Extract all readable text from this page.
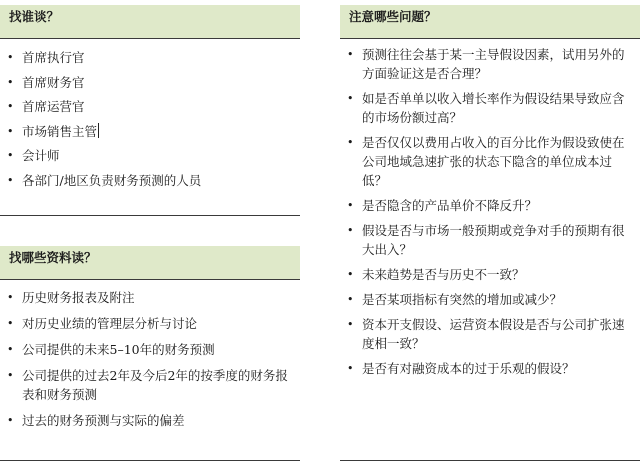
找谁谈？
• 首席执行官
• 首席财务官
• 首席运营官
• 市场销售主管
• 会计师
• 各部门/地区负责财务预测的人员
找哪些资料读？
• 历史财务报表及附注
• 对历史业绩的管理层分析与讨论
• 公司提供的未来5–10年的财务预测
• 公司提供的过去2年及今后2年的按季度的财务报表和财务预测
• 过去的财务预测与实际的偏差
注意哪些问题？
• 预测往往会基于某一主导假设因素，试用另外的方面验证这是否合理？
• 如是否单单以收入增长率作为假设结果导致应含的市场份额过高？
• 是否仅仅以费用占收入的百分比作为假设致使在公司地域急速扩张的状态下隐含的单位成本过低？
• 是否隐含的产品单价不降反升？
• 假设是否与市场一般预期或竞争对手的预期有很大出入？
• 未来趋势是否与历史不一致？
• 是否某项指标有突然的增加或减少？
• 资本开支假设、运营资本假设是否与公司扩张速度相一致？
• 是否有对融资成本的过于乐观的假设？
